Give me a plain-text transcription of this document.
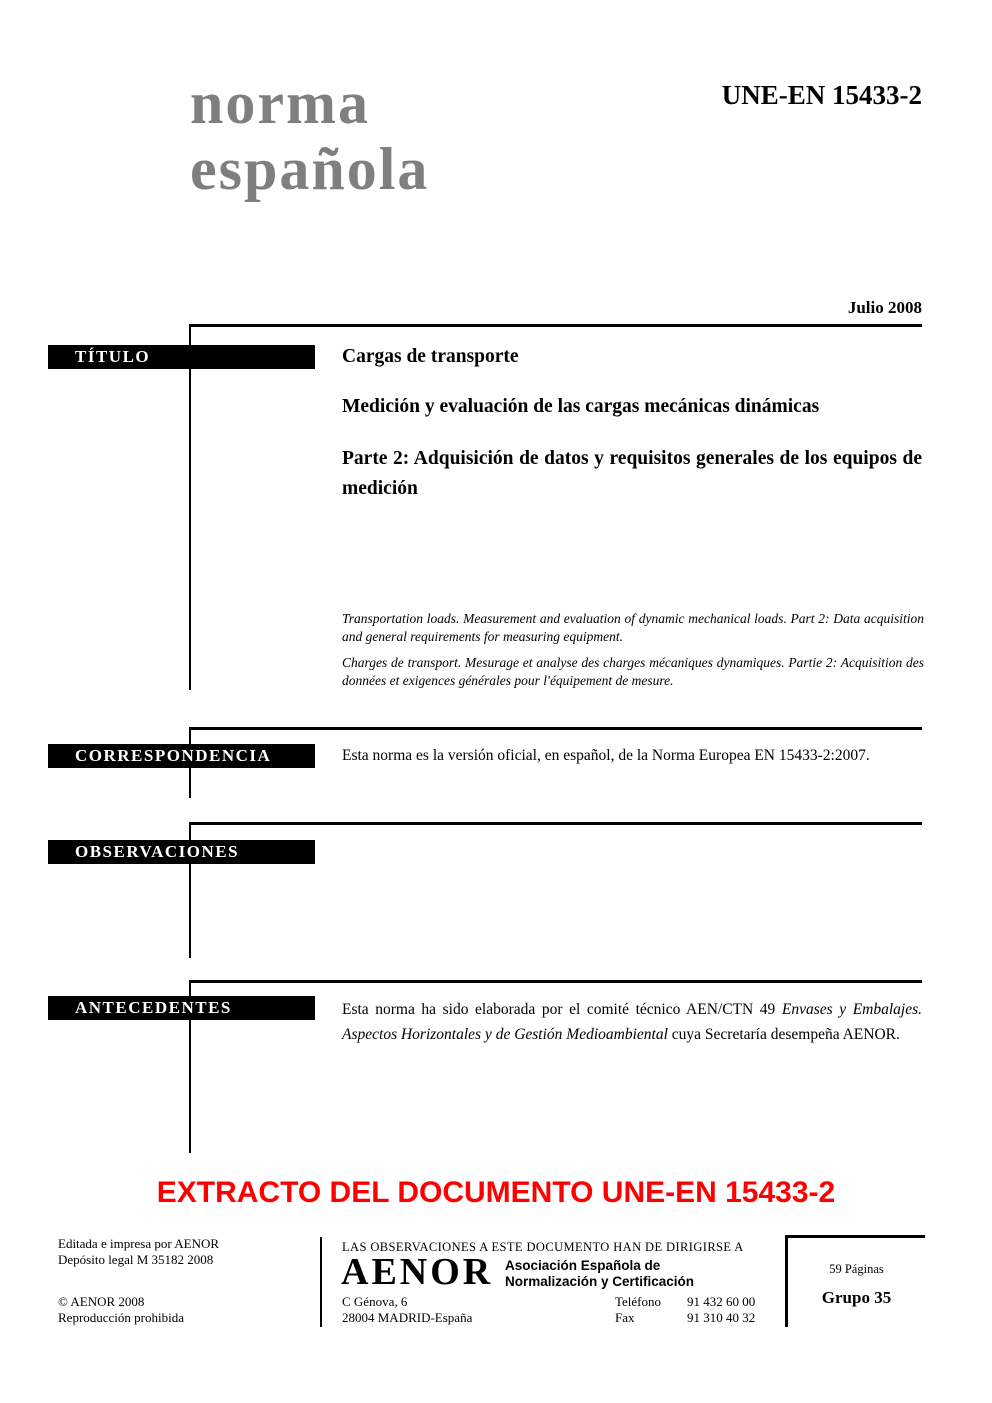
norma
española
UNE-EN 15433-2
Julio 2008
TÍTULO	Cargas de transporte
Medición y evaluación de las cargas mecánicas dinámicas
Parte 2: Adquisición de datos y requisitos generales de los equipos de medición
Transportation loads. Measurement and evaluation of dynamic mechanical loads. Part 2: Data acquisition and general requirements for measuring equipment.
Charges de transport. Mesurage et analyse des charges mécaniques dynamiques. Partie 2: Acquisition des données et exigences générales pour l'équipement de mesure.
CORRESPONDENCIA	Esta norma es la versión oficial, en español, de la Norma Europea EN 15433-2:2007.
OBSERVACIONES
ANTECEDENTES	Esta norma ha sido elaborada por el comité técnico AEN/CTN 49 Envases y Embalajes. Aspectos Horizontales y de Gestión Medioambiental cuya Secretaría desempeña AENOR.
EXTRACTO DEL DOCUMENTO UNE-EN 15433-2
Editada e impresa por AENOR
Depósito legal M 35182 2008
© AENOR 2008
Reproducción prohibida
LAS OBSERVACIONES A ESTE DOCUMENTO HAN DE DIRIGIRSE A
AENOR Asociación Española de
Normalización y Certificación
C Génova, 6
28004 MADRID-España
Teléfono 91 432 60 00
Fax	91 310 40 32
59 Páginas
Grupo 35
